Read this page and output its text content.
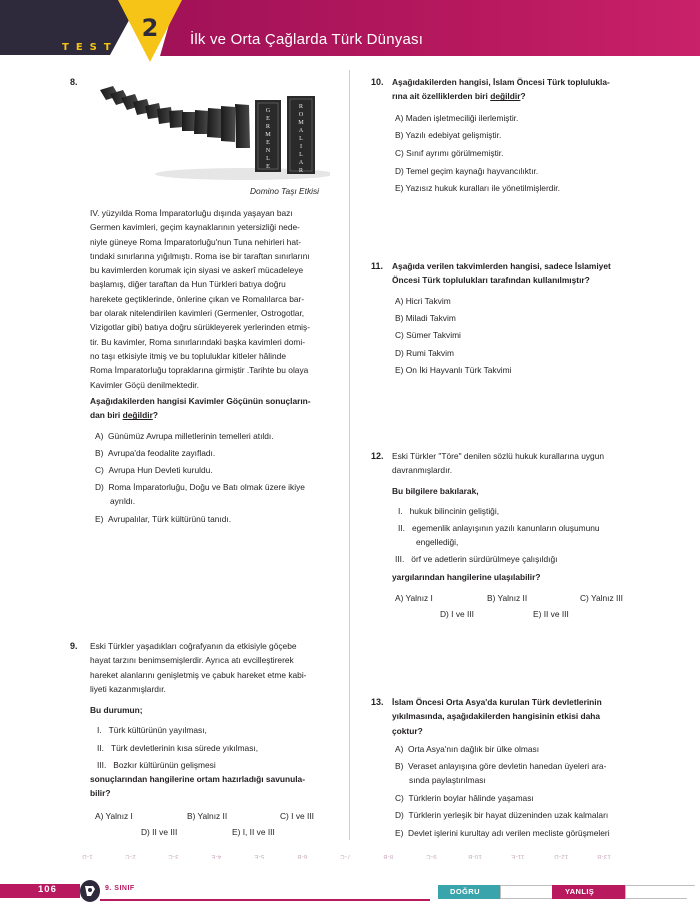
TEST
2	İlk ve Orta Çağlarda Türk Dünyası
8.
G
E
R
M
E
N
L
E
R
O
M
A
L
I
L
A
R
Domino Taşı Etkisi
IV. yüzyılda Roma İmparatorluğu dışında yaşayan bazı
Germen kavimleri, geçim kaynaklarının yetersizliği nede-
niyle güneye Roma İmparatorluğu'nun Tuna nehirleri hat-
tındaki sınırlarına yığılmıştı. Roma ise bir taraftan sınırlarını
bu kavimlerden korumak için siyasi ve askerî mücadeleye
başlamış, diğer taraftan da Hun Türkleri batıya doğru
harekete geçtiklerinde, önlerine çıkan ve Romalılarca bar-
bar olarak nitelendirilen kavimleri (Germenler, Ostrogotlar,
Vizigotlar gibi) batıya doğru sürükleyerek yerlerinden etmiş-
tir. Bu kavimler, Roma sınırlarındaki başka kavimleri domi-
no taşı etkisiyle itmiş ve bu topluluklar kitleler hâlinde
Roma İmparatorluğu topraklarına girmiştir .Tarihte bu olaya
Kavimler Göçü denilmektedir.
Aşağıdakilerden hangisi Kavimler Göçünün sonuçların-
dan biri değildir?
A) Günümüz Avrupa milletlerinin temelleri atıldı.
B) Avrupa'da feodalite zayıfladı.
C) Avrupa Hun Devleti kuruldu.
D) Roma İmparatorluğu, Doğu ve Batı olmak üzere ikiye
ayrıldı.
E) Avrupalılar, Türk kültürünü tanıdı.
9. Eski Türkler yaşadıkları coğrafyanın da etkisiyle göçebe
hayat tarzını benimsemişlerdir. Ayrıca atı evcilleştirerek
hareket alanlarını genişletmiş ve çabuk hareket etme kabi-
liyeti kazanmışlardır.
Bu durumun;
I. Türk kültürünün yayılması,
II. Türk devletlerinin kısa sürede yıkılması,
III. Bozkır kültürünün gelişmesi
sonuçlarından hangilerine ortam hazırladığı savunula-
bilir?
A) Yalnız I	B) Yalnız II	C) I ve III
D) II ve III	E) I, II ve III
10. Aşağıdakilerden hangisi, İslam Öncesi Türk topluluklа-
rına ait özelliklerden biri değildir?
A) Maden işletmeciliği ilerlemiştir.
B) Yazılı edebiyat gelişmiştir.
C) Sınıf ayrımı görülmemiştir.
D) Temel geçim kaynağı hayvancılıktır.
E) Yazısız hukuk kuralları ile yönetilmişlerdir.
11. Aşağıda verilen takvimlerden hangisi, sadece İslamiyet
Öncesi Türk toplulukları tarafından kullanılmıştır?
A) Hicri Takvim
B) Miladi Takvim
C) Sümer Takvimi
D) Rumi Takvim
E) On İki Hayvanlı Türk Takvimi
12. Eski Türkler "Töre" denilen sözlü hukuk kurallarına uygun
davranmışlardır.
Bu bilgilere bakılarak,
I. hukuk bilincinin geliştiği,
II. egemenlik anlayışının yazılı kanunların oluşumunu
engellediği,
III. örf ve adetlerin sürdürülmeye çalışıldığı
yargılarından hangilerine ulaşılabilir?
A) Yalnız I	B) Yalnız II	C) Yalnız III
D) I ve III	E) II ve III
13. İslam Öncesi Orta Asya'da kurulan Türk devletlerinin
yıkılmasında, aşağıdakilerden hangisinin etkisi daha
çoktur?
A) Orta Asya'nın dağlık bir ülke olması
B) Veraset anlayışına göre devletin hanedan üyeleri ara-
sında paylaştırılması
C) Türklerin boylar hâlinde yaşaması
D) Türklerin yerleşik bir hayat düzeninden uzak kalmaları
E) Devlet işlerini kurultay adı verilen mecliste görüşmeleri
1-D	2-C	3-C	4-E	5-E	6-B	7-C	8-B	9-C	10-B	11-E	12-D	13-B
106	9. SINIF	DOĞRU	YANLIŞ
